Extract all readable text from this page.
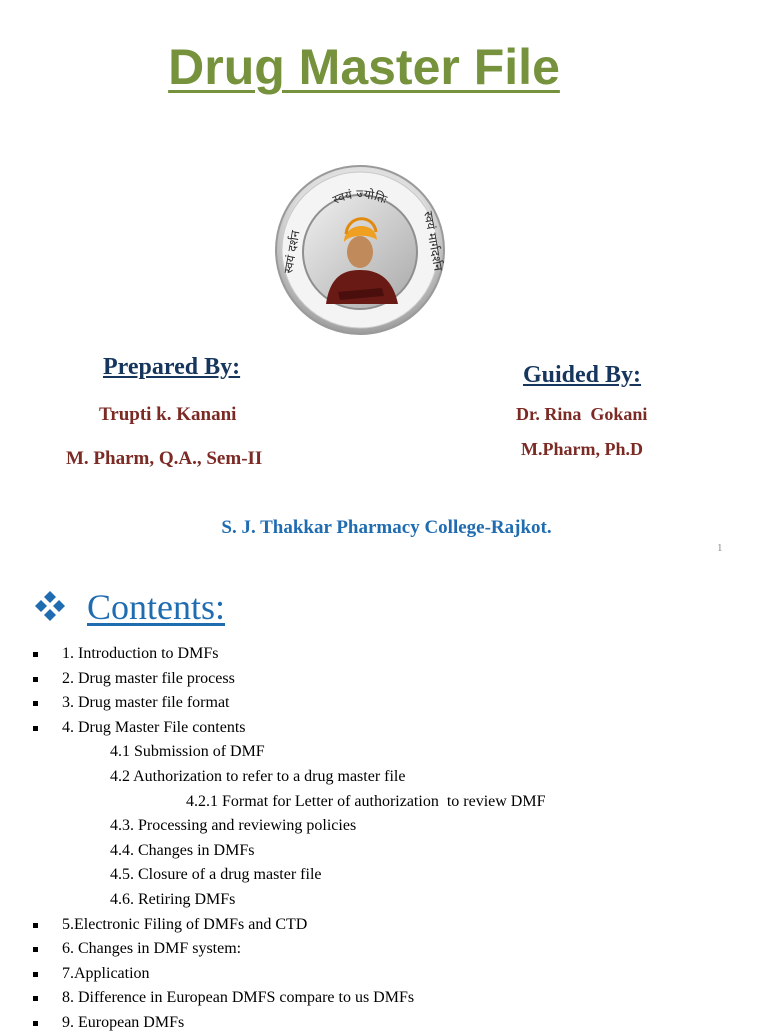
Drug Master File
स्वयं ज्योतिः
स्वयं दर्शन	स्वयं मार्गदर्शन
Prepared By:	Guided By:
Trupti k. Kanani
M. Pharm, Q.A., Sem-II
Dr. Rina  Gokani
M.Pharm, Ph.D
S. J. Thakkar Pharmacy College-Rajkot.
1
Contents:
1. Introduction to DMFs
2. Drug master file process
3. Drug master file format
4. Drug Master File contents
4.1 Submission of DMF
4.2 Authorization to refer to a drug master file
4.2.1 Format for Letter of authorization  to review DMF
4.3. Processing and reviewing policies
4.4. Changes in DMFs
4.5. Closure of a drug master file
4.6. Retiring DMFs
5.Electronic Filing of DMFs and CTD
6. Changes in DMF system:
7.Application
8. Difference in European DMFS compare to us DMFs
9. European DMFs
